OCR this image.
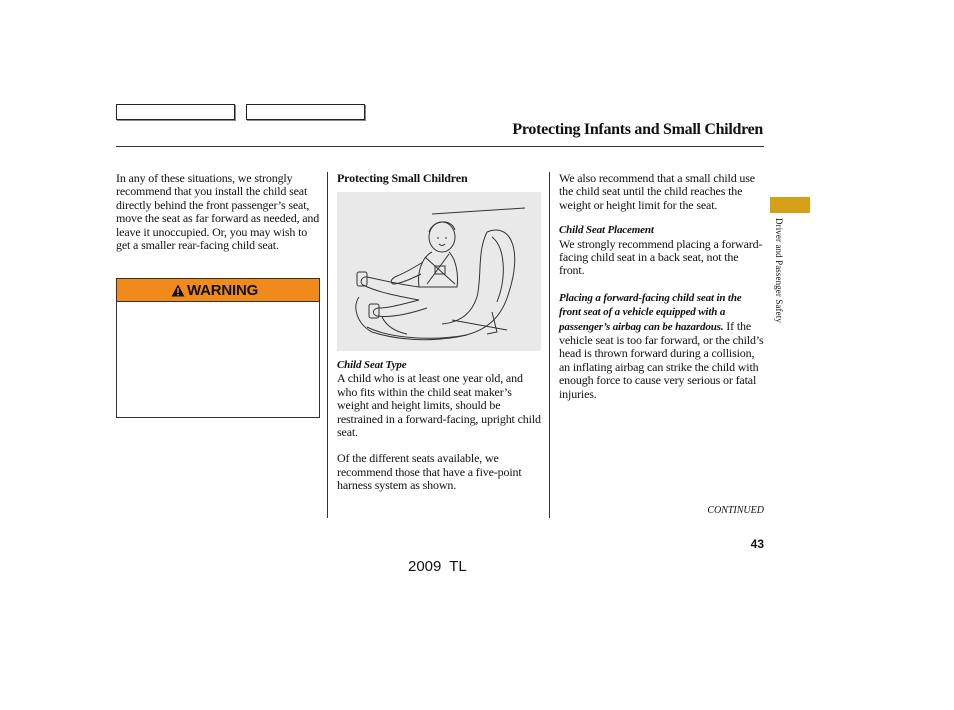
Protecting Infants and Small Children

In any of these situations, we strongly recommend that you install the child seat directly behind the front passenger’s seat, move the seat as far forward as needed, and leave it unoccupied. Or, you may wish to get a smaller rear-facing child seat.

WARNING
Protecting Small Children

Child Seat Type

A child who is at least one year old, and who fits within the child seat maker’s weight and height limits, should be restrained in a forward-facing, upright child seat.

Of the different seats available, we recommend those that have a five-point harness system as shown.

We also recommend that a small child use the child seat until the child reaches the weight or height limit for the seat.

Child Seat Placement

We strongly recommend placing a forward-facing child seat in a back seat, not the front.

Placing a forward-facing child seat in the front seat of a vehicle equipped with a passenger’s airbag can be hazardous. If the vehicle seat is too far forward, or the child’s head is thrown forward during a collision, an inflating airbag can strike the child with enough force to cause very serious or fatal injuries.

Driver and Passenger Safety
CONTINUED
43
2009 TL
